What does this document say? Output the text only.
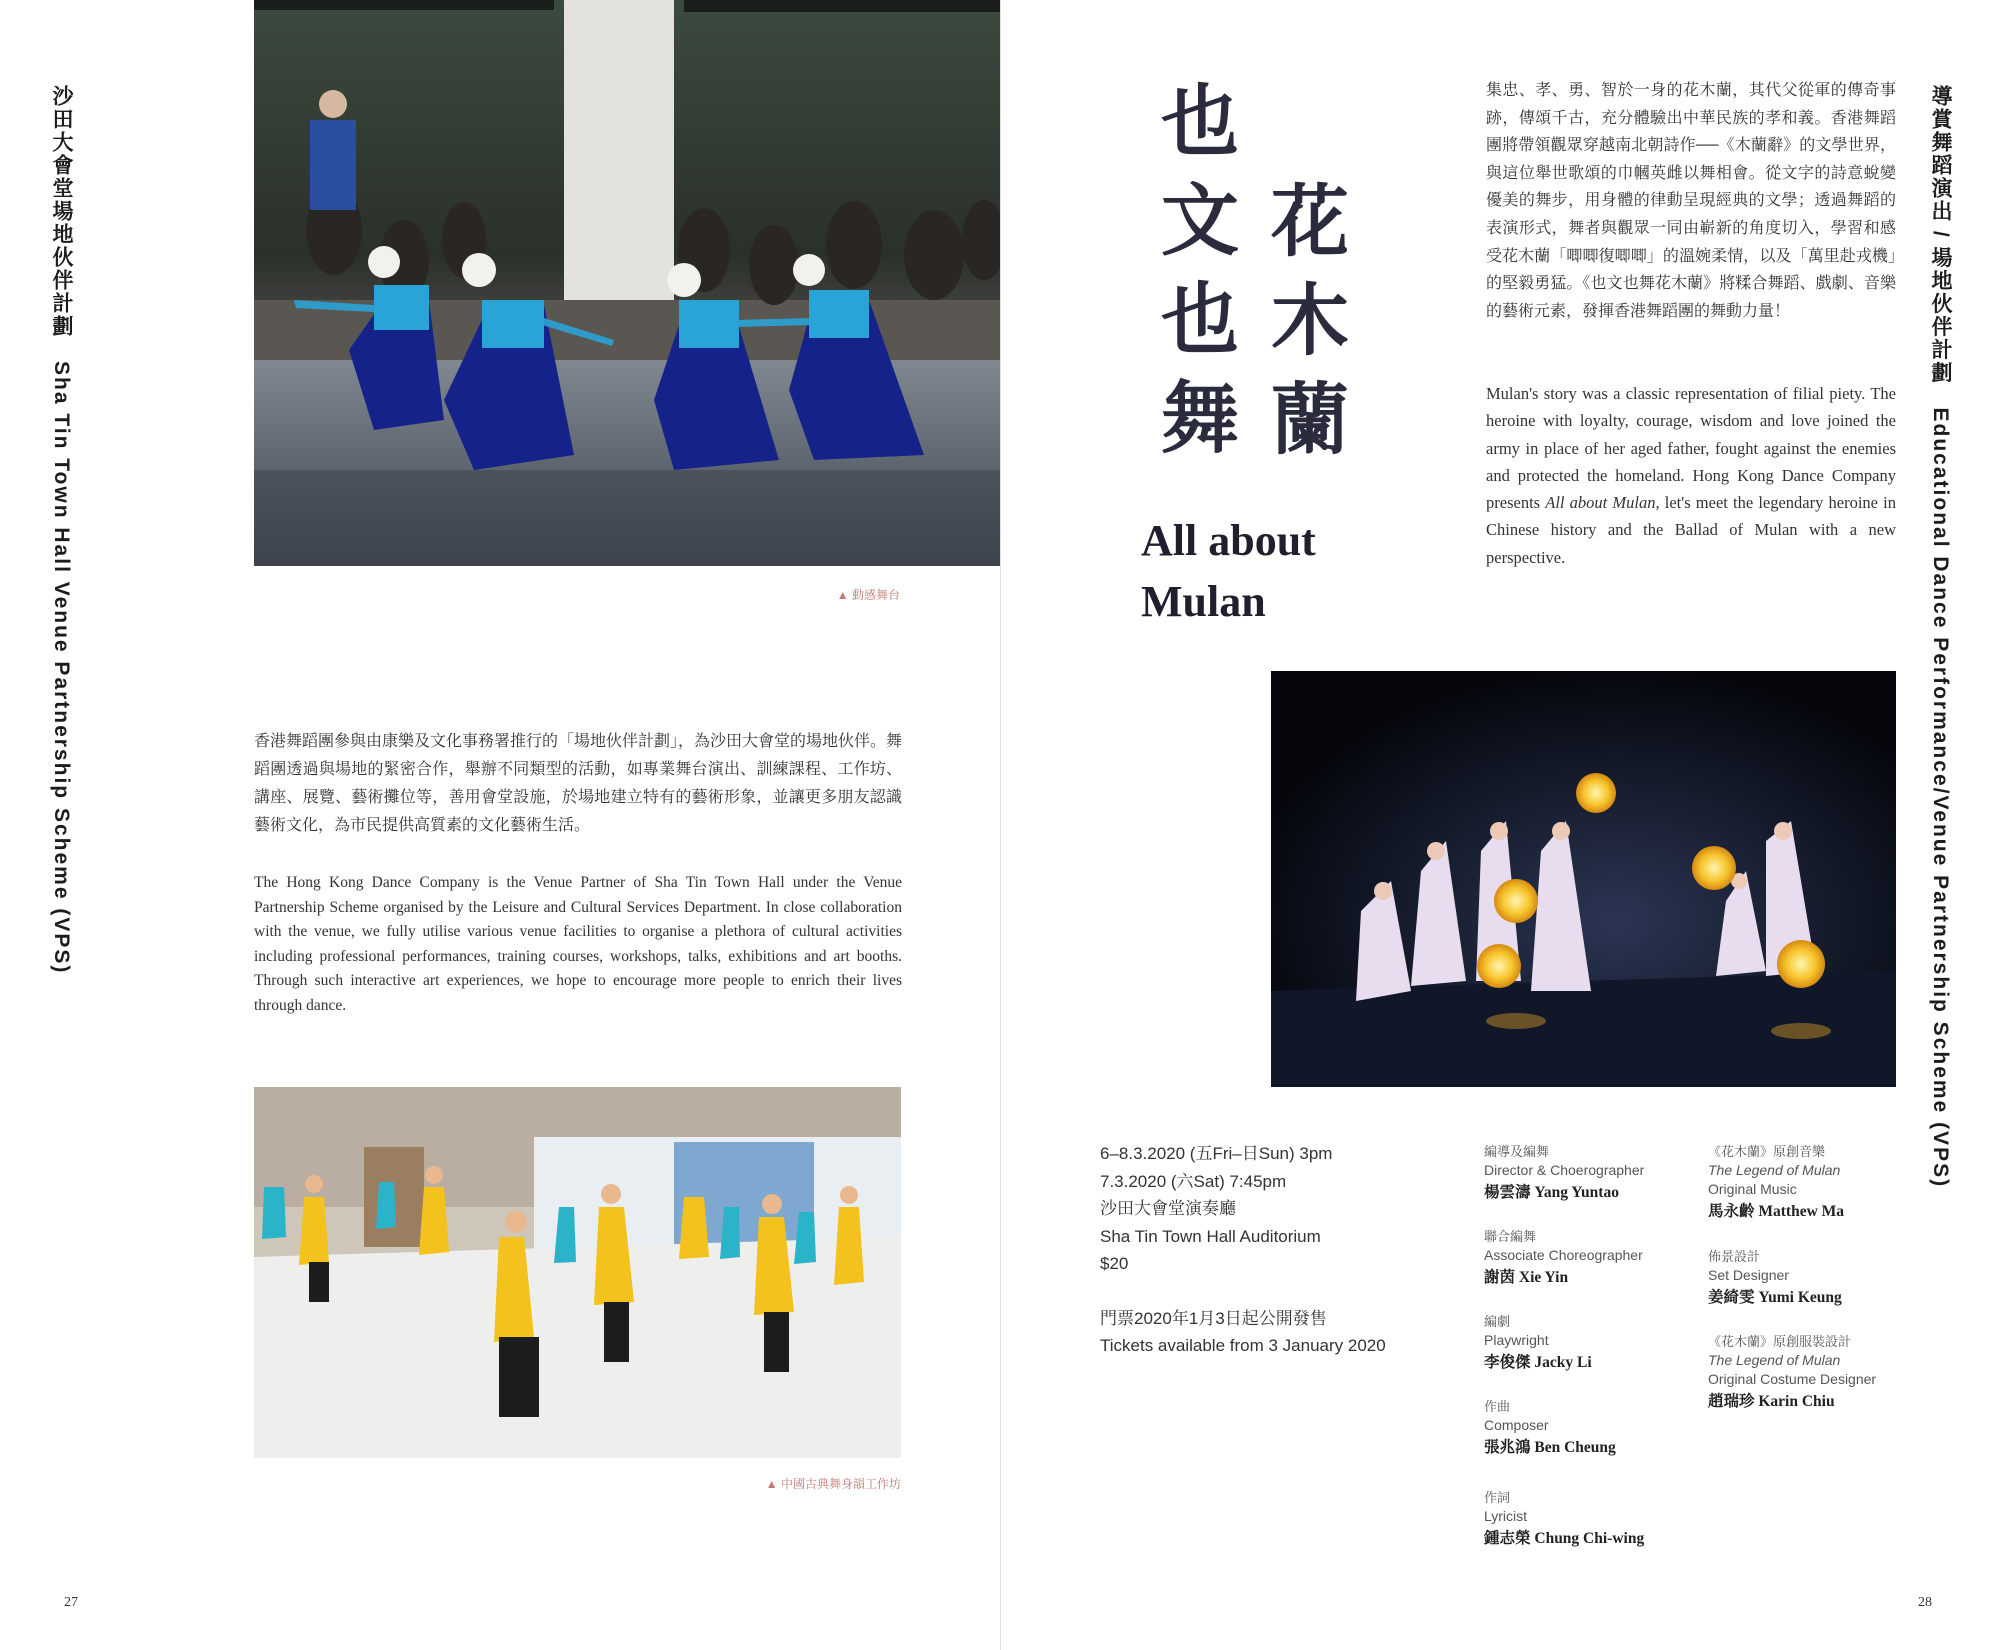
沙田大會堂場地伙伴計劃　Sha Tin Town Hall Venue Partnership Scheme (VPS)	▲ 動感舞台
香港舞蹈團參與由康樂及文化事務署推行的「場地伙伴計劃」，為沙田大會堂的場地伙伴。舞蹈團透過與場地的緊密合作，舉辦不同類型的活動，如專業舞台演出、訓練課程、工作坊、講座、展覽、藝術攤位等，善用會堂設施，於場地建立特有的藝術形象，並讓更多朋友認識藝術文化，為市民提供高質素的文化藝術生活。
The Hong Kong Dance Company is the Venue Partner of Sha Tin Town Hall under the Venue Partnership Scheme organised by the Leisure and Cultural Services Department. In close collaboration with the venue, we fully utilise various venue facilities to organise a plethora of cultural activities including professional performances, training courses, workshops, talks, exhibitions and art booths. Through such interactive art experiences, we hope to encourage more people to enrich their lives through dance.
▲ 中國古典舞身韻工作坊
27
花木蘭
也文也舞
All about
Mulan
集忠、孝、勇、智於一身的花木蘭，其代父從軍的傳奇事跡，傳頌千古，充分體驗出中華民族的孝和義。香港舞蹈團將帶領觀眾穿越南北朝詩作──《木蘭辭》的文學世界，與這位舉世歌頌的巾幗英雌以舞相會。從文字的詩意蛻變優美的舞步，用身體的律動呈現經典的文學；透過舞蹈的表演形式，舞者與觀眾一同由嶄新的角度切入，學習和感受花木蘭「唧唧復唧唧」的溫婉柔情，以及「萬里赴戎機」的堅毅勇猛。《也文也舞花木蘭》將糅合舞蹈、戲劇、音樂的藝術元素，發揮香港舞蹈團的舞動力量！
Mulan's story was a classic representation of filial piety. The heroine with loyalty, courage, wisdom and love joined the army in place of her aged father, fought against the enemies and protected the homeland. Hong Kong Dance Company presents All about Mulan, let's meet the legendary heroine in Chinese history and the Ballad of Mulan with a new perspective.
6–8.3.2020 (五Fri–日Sun) 3pm
7.3.2020 (六Sat) 7:45pm
沙田大會堂演奏廳
Sha Tin Town Hall Auditorium
$20
門票2020年1月3日起公開發售
Tickets available from 3 January 2020
編導及編舞
Director & Choerographer
楊雲濤 Yang Yuntao
聯合編舞
Associate Choreographer
謝茵 Xie Yin
編劇
Playwright
李俊傑 Jacky Li
作曲
Composer
張兆鴻 Ben Cheung
作詞
Lyricist
鍾志榮 Chung Chi-wing
《花木蘭》原創音樂
The Legend of Mulan
Original Music
馬永齡 Matthew Ma
佈景設計
Set Designer
姜綺雯 Yumi Keung
《花木蘭》原創服裝設計
The Legend of Mulan
Original Costume Designer
趙瑞珍 Karin Chiu
導賞舞蹈演出 / 場地伙伴計劃　Educational Dance Performance/Venue Partnership Scheme (VPS)
28
